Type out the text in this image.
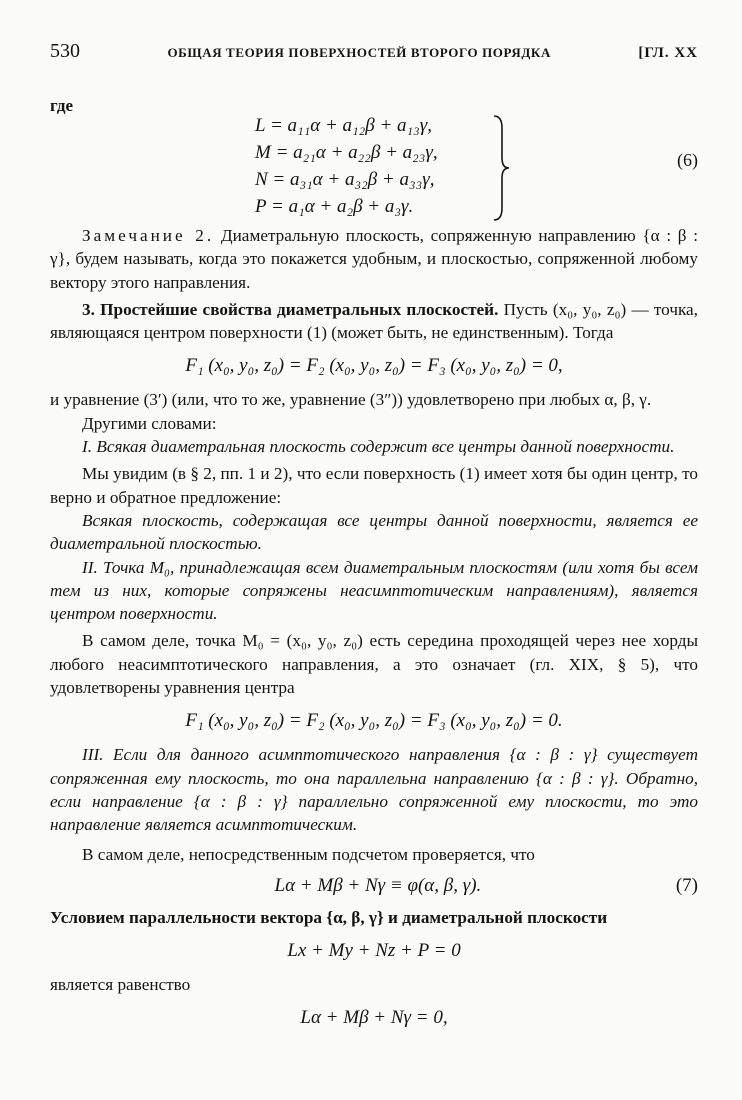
530	ОБЩАЯ ТЕОРИЯ ПОВЕРХНОСТЕЙ ВТОРОГО ПОРЯДКА	[ГЛ. XX
где
L = a₁₁α + a₁₂β + a₁₃γ,
M = a₂₁α + a₂₂β + a₂₃γ,
N = a₃₁α + a₃₂β + a₃₃γ,
P = a₁α + a₂β + a₃γ.
(6)

Замечание 2. Диаметральную плоскость, сопряженную направлению {α : β : γ}, будем называть, когда это покажется удобным, и плоскостью, сопряженной любому вектору этого направления.

3. Простейшие свойства диаметральных плоскостей. Пусть (x₀, y₀, z₀) — точка, являющаяся центром поверхности (1) (может быть, не единственным). Тогда

F₁ (x₀, y₀, z₀) = F₂ (x₀, y₀, z₀) = F₃ (x₀, y₀, z₀) = 0,

и уравнение (3′) (или, что то же, уравнение (3″)) удовлетворено при любых α, β, γ.

Другими словами:

I. Всякая диаметральная плоскость содержит все центры данной поверхности.

Мы увидим (в § 2, пп. 1 и 2), что если поверхность (1) имеет хотя бы один центр, то верно и обратное предложение:

Всякая плоскость, содержащая все центры данной поверхности, является ее диаметральной плоскостью.

II. Точка M₀, принадлежащая всем диаметральным плоскостям (или хотя бы всем тем из них, которые сопряжены неасимптотическим направлениям), является центром поверхности.

В самом деле, точка M₀ = (x₀, y₀, z₀) есть середина проходящей через нее хорды любого неасимптотического направления, а это означает (гл. XIX, § 5), что удовлетворены уравнения центра

F₁ (x₀, y₀, z₀) = F₂ (x₀, y₀, z₀) = F₃ (x₀, y₀, z₀) = 0.

III. Если для данного асимптотического направления {α : β : γ} существует сопряженная ему плоскость, то она параллельна направлению {α : β : γ}. Обратно, если направление {α : β : γ} параллельно сопряженной ему плоскости, то это направление является асимптотическим.

В самом деле, непосредственным подсчетом проверяется, что

Lα + Mβ + Nγ ≡ φ(α, β, γ).	(7)

Условием параллельности вектора {α, β, γ} и диаметральной плоскости

Lx + My + Nz + P = 0

является равенство

Lα + Mβ + Nγ = 0,
